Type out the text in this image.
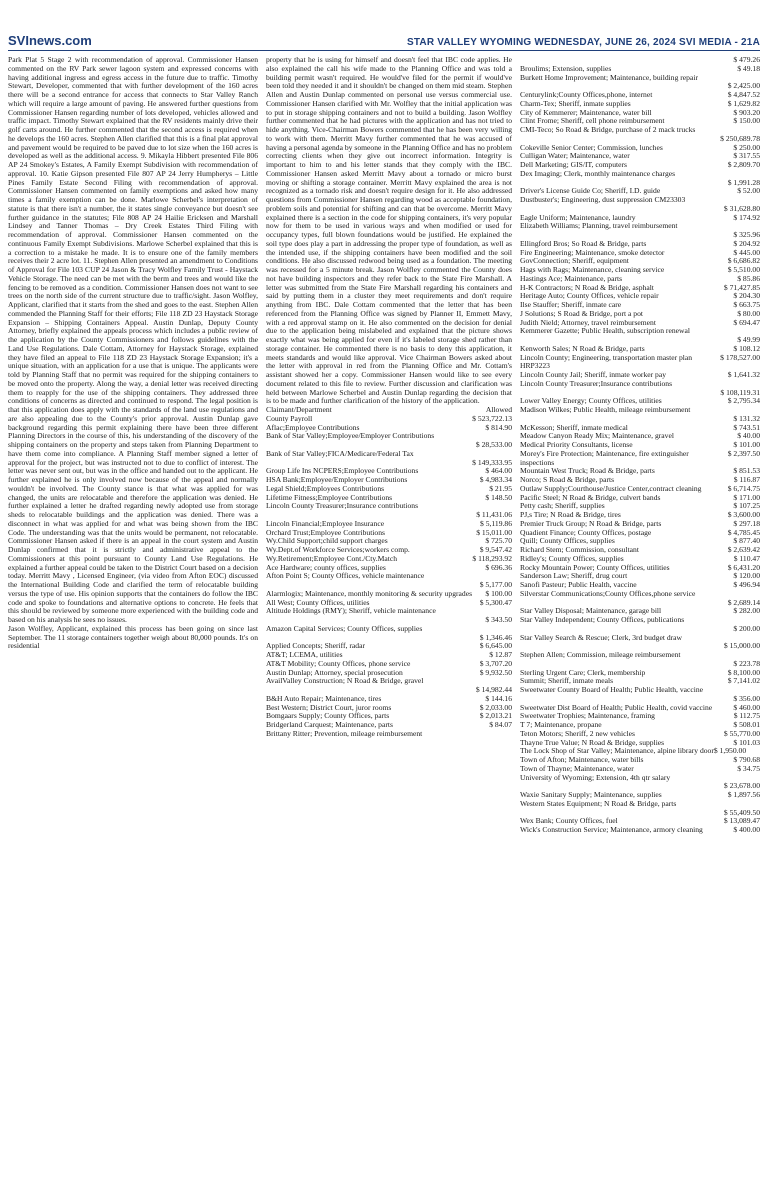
SVInews.com	STAR VALLEY WYOMING WEDNESDAY, JUNE 26, 2024 SVI MEDIA - 21A

Park Plat 5 Stage 2 with recommendation of approval. Commissioner Hansen commented on the RV Park sewer lagoon system and expressed concerns with having additional ingress and egress access in the future due to traffic. Timothy Stewart, Developer, commented that with further development of the 160 acres there will be a second entrance for access that connects to Star Valley Ranch which will require a large amount of paving. He answered further questions from Commissioner Hansen regarding number of lots developed, vehicles allowed and traffic impact. Timothy Stewart explained that the RV residents mainly drive their golf carts around. He further commented that the second access is required when he develops the 160 acres. Stephen Allen clarified that this is a final plat approval and pavement would be required to be paved due to lot size when the 160 acres is developed as well as the additional access. 9. Mikayla Hibbert presented File 806 AP 24 Smokey's Estates, A Family Exempt Subdivision with recommendation of approval. 10. Katie Gipson presented File 807 AP 24 Jerry Humpherys – Little Pines Family Estate Second Filing with recommendation of approval. Commissioner Hansen commented on family exemptions and asked how many times a family exemption can be done. Marlowe Scherbel's interpretation of statute is that there isn't a number, the it states single conveyance but doesn't see further guidance in the statutes; File 808 AP 24 Hailie Ericksen and Marshall Lindsey and Tanner Thomas – Dry Creek Estates Third Filing with recommendation of approval. Commissioner Hansen commented on the continuous Family Exempt Subdivisions. Marlowe Scherbel explained that this is a correction to a mistake he made. It is to ensure one of the family members receives their 2 acre lot. 11. Stephen Allen presented an amendment to Conditions of Approval for File 103 CUP 24 Jason & Tracy Wolfley Family Trust - Haystack Vehicle Storage. The need can be met with the berm and trees and would like the fencing to be removed as a condition. Commissioner Hansen does not want to see trees on the north side of the current structure due to traffic/sight. Jason Wolfley, Applicant, clarified that it starts from the shed and goes to the east. Stephen Allen commended the Planning Staff for their efforts; File 118 ZD 23 Haystack Storage Expansion – Shipping Containers Appeal. Austin Dunlap, Deputy County Attorney, briefly explained the appeals process which includes a public review of the application by the County Commissioners and follows guidelines with the Land Use Regulations. Dale Cottam, Attorney for Haystack Storage, explained they have filed an appeal to File 118 ZD 23 Haystack Storage Expansion; it's a unique situation, with an application for a use that is unique. The applicants were told by Planning Staff that no permit was required for the shipping containers to be moved onto the property. Along the way, a denial letter was received directing them to reapply for the use of the shipping containers. They addressed three conditions of concerns as directed and continued to respond. The legal position is that this application does apply with the standards of the land use regulations and are also appealing due to the County's prior approval. Austin Dunlap gave background regarding this permit explaining there have been three different Planning Directors in the course of this, his understanding of the discovery of the shipping containers on the property and steps taken from Planning Department to have them come into compliance. A Planning Staff member signed a letter of approval for the project, but was instructed not to due to conflict of interest. The letter was never sent out, but was in the office and handed out to the applicant. He further explained he is only involved now because of the appeal and normally wouldn't be involved. The County stance is that what was applied for was changed, the units are relocatable and therefore the application was denied. He further explained a letter he drafted regarding newly adopted use from storage sheds to relocatable buildings and the application was denied. There was a disconnect in what was applied for and what was being shown from the IBC Code. The understanding was that the units would be permanent, not relocatable. Commissioner Hansen asked if there is an appeal in the court system and Austin Dunlap confirmed that it is strictly and administrative appeal to the Commissioners at this point pursuant to County Land Use Regulations. He explained a further appeal could be taken to the District Court based on a decision today. Merritt Mavy , Licensed Engineer, (via video from Afton EOC) discussed the International Building Code and clarified the term of relocatable building versus the type of use. His opinion supports that the containers do follow the IBC code and spoke to foundations and alternative options to concrete. He feels that this should be reviewed by someone more experienced with the building code and based on his analysis he sees no issues.

Jason Wolfley, Applicant, explained this process has been going on since last September. The 11 storage containers together weigh about 80,000 pounds. It's on residential

property that he is using for himself and doesn't feel that IBC code applies. He also explained the call his wife made to the Planning Office and was told a building permit wasn't required. He would've filed for the permit if would've been told they needed it and it shouldn't be changed on them mid steam. Stephen Allen and Austin Dunlap commented on personal use versus commercial use. Commissioner Hansen clarified with Mr. Wolfley that the initial application was to put in storage shipping containers and not to build a building. Jason Wolfley further commented that he had pictures with the application and has not tried to hide anything. Vice-Chairman Bowers commented that he has been very willing to work with them. Merritt Mavy further commented that he was accused of having a personal agenda by someone in the Planning Office and has no problem correcting clients when they give out incorrect information. Integrity is important to him to and his letter stands that they comply with the IBC. Commissioner Hansen asked Merritt Mavy about a tornado or micro burst moving or shifting a storage container. Merritt Mavy explained the area is not recognized as a tornado risk and doesn't require design for it. He also addressed questions from Commissioner Hansen regarding wood as acceptable foundation, problem soils and potential for shifting and can that be overcome. Merritt Mavy explained there is a section in the code for shipping containers, it's very popular now for them to be used in various ways and when modified or used for occupancy types, full blown foundations would be justified. He explained the soil type does play a part in addressing the proper type of foundation, as well as the intended use, if the shipping containers have been modified and the soil conditions. He also discussed redwood being used as a foundation. The meeting was recessed for a 5 minute break. Jason Wolfley commented the County does not have building inspectors and they refer back to the State Fire Marshall. A letter was submitted from the State Fire Marshall regarding his containers and said by putting them in a cluster they meet requirements and don't require anything from IBC. Dale Cottam commented that the letter that has been referenced from the Planning Office was signed by Planner II, Emmett Mavy, with a red approval stamp on it. He also commented on the decision for denial due to the application being mislabeled and explained that the picture shows exactly what was being applied for even if it's labeled storage shed rather than storage container. He commented there is no basis to deny this application, it meets standards and would like approval. Vice Chairman Bowers asked about the letter with approval in red from the Planning Office and Mr. Cottam's assistant showed her a copy. Commissioner Hansen would like to see every document related to this file to review. Further discussion and clarification was held between Marlowe Scherbel and Austin Dunlap regarding the decision that is to be made and further clarification of the history of the application.

Claimant/Department	Allowed
County Payroll	$ 523,722.13
Aflac;Employee Contributions	$ 814.90
Bank of Star Valley;Employee/Employer Contributions
$ 28,533.00
Bank of Star Valley;FICA/Medicare/Federal Tax
$ 149,333.95
Group Life Ins NCPERS;Employee Contributions	$ 464.00
HSA Bank;Employee/Employer Contributions	$ 4,983.34
Legal Shield;Employees Contributions	$ 21.95
Lifetime Fitness;Employee Contributions	$ 148.50
Lincoln County Treasurer;Insurance contributions
$ 11,431.06
Lincoln Financial;Employee Insurance	$ 5,119.86
Orchard Trust;Employee Contributions	$ 15,011.00
Wy.Child Support;child support charges	$ 725.70
Wy.Dept.of Workforce Services;workers comp.	$ 9,547.42
Wy.Retirement;Employee Cont./Cty.Match	$ 118,293.92
Ace Hardware; county offices, supplies	$ 696.36
Afton Point S; County Offices, vehicle maintenance
$ 5,177.00
Alarmlogix; Maintenance, monthly monitoring & security upgrades	$ 100.00
All West; County Offices, utilities	$ 5,300.47
Altitude Holdings (RMY); Sheriff, vehicle maintenance
$ 343.50
Amazon Capital Services; County Offices, supplies
$ 1,346.46
Applied Concepts; Sheriff, radar	$ 6,645.00
AT&T; LCEMA, utilities	$ 12.87
AT&T Mobility; County Offices, phone service	$ 3,707.20
Austin Dunlap; Attorney, special prosecution	$ 9,932.50
AvailValley Construction; N Road & Bridge, gravel
$ 14,982.44
B&H Auto Repair; Maintenance, tires	$ 144.16
Best Western; District Court, juror rooms	$ 2,033.00
Bomgaars Supply; County Offices, parts	$ 2,013.21
Bridgerland Carquest; Maintenance, parts	$ 84.07
Brittany Ritter; Prevention, mileage reimbursement
$ 479.26
Broulims; Extension, supplies	$ 49.18
Burkett Home Improvement; Maintenance, building repair
$ 2,425.00
Centurylink;County Offices,phone, internet	$ 4,847.52
Charm-Tex; Sheriff, inmate supplies	$ 1,629.82
City of Kemmerer; Maintenance, water bill	$ 903.20
Clint Frome; Sheriff, cell phone reimbursement	$ 150.00
CMI-Teco; So Road & Bridge, purchase of 2 mack trucks
$ 250,689.78
Cokeville Senior Center; Commission, lunches	$ 250.00
Culligan Water; Maintenance, water	$ 317.55
Dell Marketing; GIS/IT, computers	$ 2,809.70
Dex Imaging; Clerk, monthly maintenance charges
$ 1,991.28
Driver's License Guide Co; Sheriff, I.D. guide	$ 52.00
Dustbuster's; Engineering, dust suppression CM23303
$ 31,628.80
Eagle Uniform; Maintenance, laundry	$ 174.92
Elizabeth Williams; Planning, travel reimbursement
$ 325.96
Ellingford Bros; So Road & Bridge, parts	$ 204.92
Fire Engineering; Maintenance, smoke detector	$ 445.00
GovConnection; Sheriff, equipment	$ 6,686.82
Hags with Rags; Maintenance, cleaning service	$ 5,510.00
Hastings Ace; Maintenance, parts	$ 85.86
H-K Contractors; N Road & Bridge, asphalt	$ 71,427.85
Heritage Auto; County Offices, vehicle repair	$ 204.30
Ilse Stauffer; Sheriff, inmate care	$ 663.75
J Solutions; S Road & Bridge, port a pot	$ 80.00
Judith Nield; Attorney, travel reimbursement	$ 694.47
Kemmerer Gazette; Public Health, subscription renewal
$ 49.99
Kenworth Sales; N Road & Bridge, parts	$ 108.12
Lincoln County; Engineering, transportation master plan HRP3223
$ 178,527.00
Lincoln County Jail; Sheriff, inmate worker pay	$ 1,641.32
Lincoln County Treasurer;Insurance contributions
$ 108,119.31
Lower Valley Energy; County Offices, utilities	$ 2,795.34
Madison Wilkes; Public Health, mileage reimbursement
$ 131.32
McKesson; Sheriff, inmate medical	$ 743.51
Meadow Canyon Ready Mix; Maintenance, gravel	$ 40.00
Medical Priority Consultants, license	$ 101.00
Morey's Fire Protection; Maintenance, fire extinguisher inspections
$ 2,397.50
Mountain West Truck; Road & Bridge, parts	$ 851.53
Norco; S Road & Bridge, parts	$ 116.87
Outlaw Supply;Courthouse/Justice Center,contract cleaning	$ 6,714.75
Pacific Steel; N Road & Bridge, culvert bands	$ 171.00
Petty cash; Sheriff, supplies	$ 107.25
PJ,s Tire; N Road & Bridge, tires	$ 3,600.00
Premier Truck Group; N Road & Bridge, parts	$ 297.18
Quadient Finance; County Offices, postage	$ 4,785.45
Quill; County Offices, supplies	$ 877.40
Richard Stem; Commission, consultant	$ 2,639.42
Ridley's; County Offices, supplies	$ 110.47
Rocky Mountain Power; County Offices, utilities	$ 6,431.20
Sanderson Law; Sheriff, drug court	$ 120.00
Sanofi Pasteur; Public Health, vaccine	$ 496.94
Silverstar Communications;County Offices,phone service
$ 2,689.14
Star Valley Disposal; Maintenance, garage bill	$ 282.00
Star Valley Independent; County Offices, publications
$ 200.00
Star Valley Search & Rescue; Clerk, 3rd budget draw
$ 15,000.00
Stephen Allen; Commission, mileage reimbursement
$ 223.78
Sterling Urgent Care; Clerk, membership	$ 8,100.00
Summit; Sheriff, inmate meals	$ 7,141.02
Sweetwater County Board of Health; Public Health, vaccine
$ 356.00
Sweetwater Dist Board of Health; Public Health, covid vaccine	$ 460.00
Sweetwater Trophies; Maintenance, framing	$ 112.75
T 7; Maintenance, propane	$ 508.01
Teton Motors; Sheriff, 2 new vehicles	$ 55,770.00
Thayne True Value; N Road & Bridge, supplies	$ 101.03
The Lock Shop of Star Valley; Maintenance, alpine library door$ 1,950.00
Town of Afton; Maintenance, water bills	$ 790.68
Town of Thayne; Maintenance, water	$ 34.75
University of Wyoming; Extension, 4th qtr salary
$ 23,678.00
Waxie Sanitary Supply; Maintenance, supplies	$ 1,897.56
Western States Equipment; N Road & Bridge, parts
$ 55,409.50
Wex Bank; County Offices, fuel	$ 13,089.47
Wick's Construction Service; Maintenance, armory cleaning	$ 400.00
